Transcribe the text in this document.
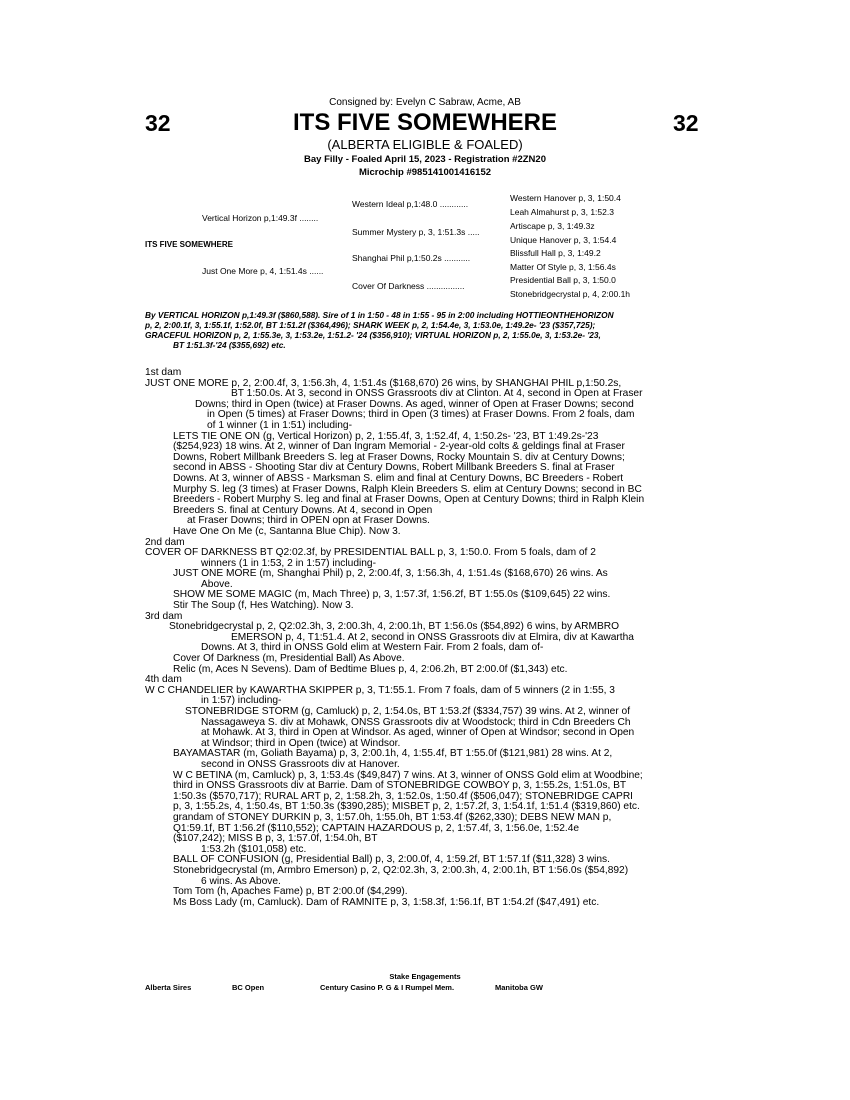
Consigned by: Evelyn C Sabraw, Acme, AB
32	32
ITS FIVE SOMEWHERE
(ALBERTA ELIGIBLE & FOALED)
Bay Filly - Foaled April 15, 2023 - Registration #2ZN20
Microchip #985141001416152
ITS FIVE SOMEWHERE
Vertical Horizon p,1:49.3f ........
Just One More p, 4, 1:51.4s ......
Western Ideal p,1:48.0 ............
Summer Mystery p, 3, 1:51.3s .....
Shanghai Phil p,1:50.2s ...........
Cover Of Darkness ................
Western Hanover p, 3, 1:50.4
Leah Almahurst p, 3, 1:52.3
Artiscape p, 3, 1:49.3z
Unique Hanover p, 3, 1:54.4
Blissfull Hall p, 3, 1:49.2
Matter Of Style p, 3, 1:56.4s
Presidential Ball p, 3, 1:50.0
Stonebridgecrystal p, 4, 2:00.1h
By VERTICAL HORIZON p,1:49.3f ($860,588). Sire of 1 in 1:50 - 48 in 1:55 - 95 in 2:00 including HOTTIEONTHEHORIZON
p, 2, 2:00.1f, 3, 1:55.1f, 1:52.0f, BT 1:51.2f ($364,496); SHARK WEEK p, 2, 1:54.4e, 3, 1:53.0e, 1:49.2e- '23 ($357,725);
GRACEFUL HORIZON p, 2, 1:55.3e, 3, 1:53.2e, 1:51.2- '24 ($356,910); VIRTUAL HORIZON p, 2, 1:55.0e, 3, 1:53.2e- '23,
BT 1:51.3f-'24 ($355,692) etc.

1st dam

JUST ONE MORE p, 2, 2:00.4f, 3, 1:56.3h, 4, 1:51.4s ($168,670) 26 wins, by SHANGHAI PHIL p,1:50.2s,

BT 1:50.0s. At 3, second in ONSS Grassroots div at Clinton. At 4, second in Open at Fraser

Downs; third in Open (twice) at Fraser Downs. As aged, winner of Open at Fraser Downs; second

in Open (5 times) at Fraser Downs; third in Open (3 times) at Fraser Downs. From 2 foals, dam

of 1 winner (1 in 1:51) including-

LETS TIE ONE ON (g, Vertical Horizon) p, 2, 1:55.4f, 3, 1:52.4f, 4, 1:50.2s- '23, BT 1:49.2s-'23

($254,923) 18 wins. At 2, winner of Dan Ingram Memorial - 2-year-old colts & geldings final at Fraser

Downs, Robert Millbank Breeders S. leg at Fraser Downs, Rocky Mountain S. div at Century Downs;

second in ABSS - Shooting Star div at Century Downs, Robert Millbank Breeders S. final at Fraser

Downs. At 3, winner of ABSS - Marksman S. elim and final at Century Downs, BC Breeders - Robert

Murphy S. leg (3 times) at Fraser Downs, Ralph Klein Breeders S. elim at Century Downs; second in BC

Breeders - Robert Murphy S. leg and final at Fraser Downs, Open at Century Downs; third in Ralph Klein

Breeders S. final at Century Downs. At 4, second in Open

at Fraser Downs; third in OPEN opn at Fraser Downs.

Have One On Me (c, Santanna Blue Chip). Now 3.

2nd dam

COVER OF DARKNESS BT Q2:02.3f, by PRESIDENTIAL BALL p, 3, 1:50.0. From 5 foals, dam of 2

winners (1 in 1:53, 2 in 1:57) including-

JUST ONE MORE (m, Shanghai Phil) p, 2, 2:00.4f, 3, 1:56.3h, 4, 1:51.4s ($168,670) 26 wins. As

Above.

SHOW ME SOME MAGIC (m, Mach Three) p, 3, 1:57.3f, 1:56.2f, BT 1:55.0s ($109,645) 22 wins.

Stir The Soup (f, Hes Watching). Now 3.

3rd dam

Stonebridgecrystal p, 2, Q2:02.3h, 3, 2:00.3h, 4, 2:00.1h, BT 1:56.0s ($54,892) 6 wins, by ARMBRO

EMERSON p, 4, T1:51.4. At 2, second in ONSS Grassroots div at Elmira, div at Kawartha

Downs. At 3, third in ONSS Gold elim at Western Fair. From 2 foals, dam of-

Cover Of Darkness (m, Presidential Ball) As Above.

Relic (m, Aces N Sevens). Dam of Bedtime Blues p, 4, 2:06.2h, BT 2:00.0f ($1,343) etc.

4th dam

W C CHANDELIER by KAWARTHA SKIPPER p, 3, T1:55.1. From 7 foals, dam of 5 winners (2 in 1:55, 3

in 1:57) including-

STONEBRIDGE STORM (g, Camluck) p, 2, 1:54.0s, BT 1:53.2f ($334,757) 39 wins. At 2, winner of

Nassagaweya S. div at Mohawk, ONSS Grassroots div at Woodstock; third in Cdn Breeders Ch

at Mohawk. At 3, third in Open at Windsor. As aged, winner of Open at Windsor; second in Open

at Windsor; third in Open (twice) at Windsor.

BAYAMASTAR (m, Goliath Bayama) p, 3, 2:00.1h, 4, 1:55.4f, BT 1:55.0f ($121,981) 28 wins. At 2,

second in ONSS Grassroots div at Hanover.

W C BETINA (m, Camluck) p, 3, 1:53.4s ($49,847) 7 wins. At 3, winner of ONSS Gold elim at Woodbine;

third in ONSS Grassroots div at Barrie. Dam of STONEBRIDGE COWBOY p, 3, 1:55.2s, 1:51.0s, BT

1:50.3s ($570,717); RURAL ART p, 2, 1:58.2h, 3, 1:52.0s, 1:50.4f ($506,047); STONEBRIDGE CAPRI

p, 3, 1:55.2s, 4, 1:50.4s, BT 1:50.3s ($390,285); MISBET p, 2, 1:57.2f, 3, 1:54.1f, 1:51.4 ($319,860) etc.

grandam of STONEY DURKIN p, 3, 1:57.0h, 1:55.0h, BT 1:53.4f ($262,330); DEBS NEW MAN p,

Q1:59.1f, BT 1:56.2f ($110,552); CAPTAIN HAZARDOUS p, 2, 1:57.4f, 3, 1:56.0e, 1:52.4e

($107,242); MISS B p, 3, 1:57.0f, 1:54.0h, BT

1:53.2h ($101,058) etc.

BALL OF CONFUSION (g, Presidential Ball) p, 3, 2:00.0f, 4, 1:59.2f, BT 1:57.1f ($11,328) 3 wins.

Stonebridgecrystal (m, Armbro Emerson) p, 2, Q2:02.3h, 3, 2:00.3h, 4, 2:00.1h, BT 1:56.0s ($54,892)

6 wins. As Above.

Tom Tom (h, Apaches Fame) p, BT 2:00.0f ($4,299).

Ms Boss Lady (m, Camluck). Dam of RAMNITE p, 3, 1:58.3f, 1:56.1f, BT 1:54.2f ($47,491) etc.

Stake Engagements
Alberta Sires	BC Open	Century Casino P. G & I Rumpel Mem.	Manitoba GW
